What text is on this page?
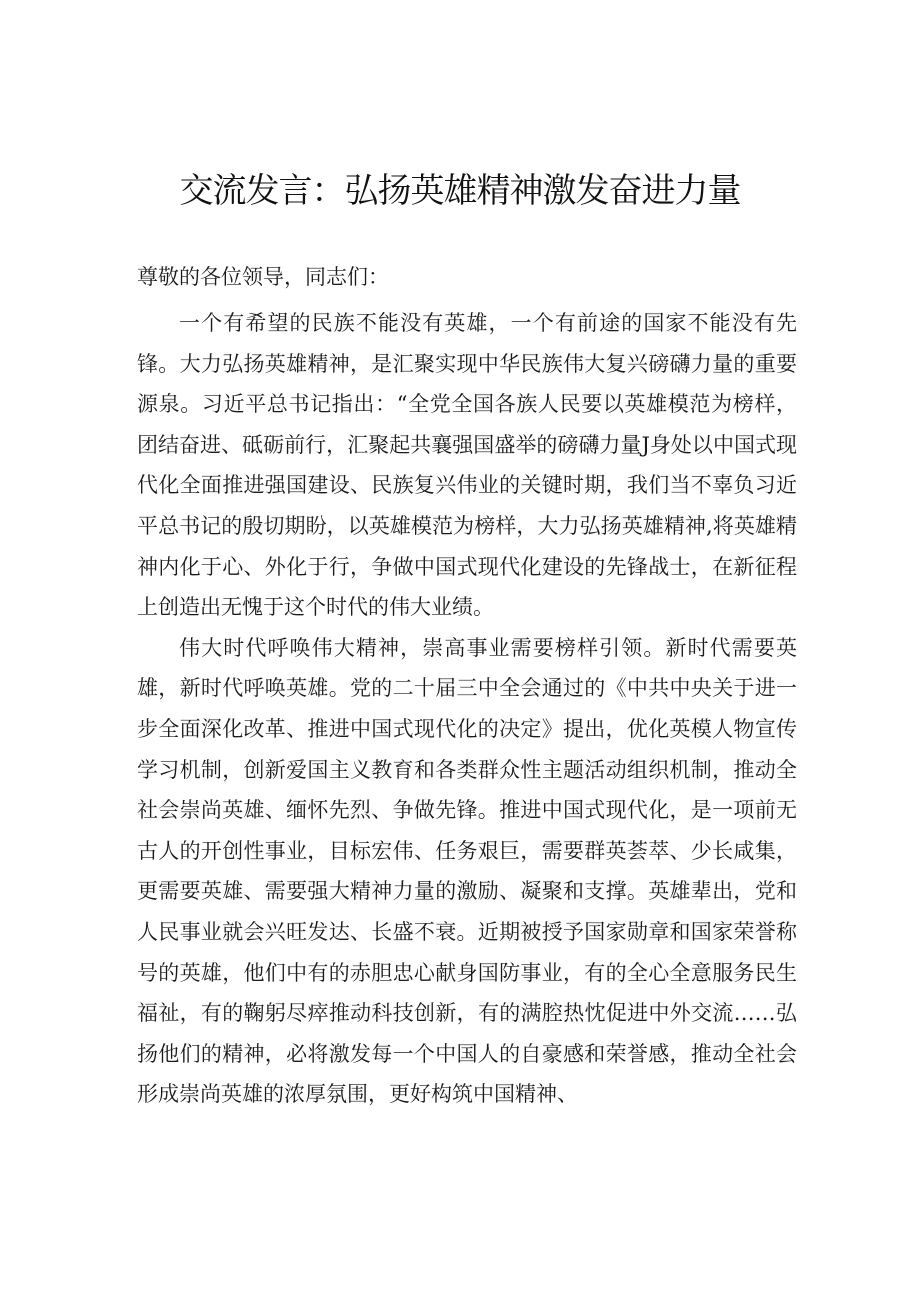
交流发言：弘扬英雄精神激发奋进力量
尊敬的各位领导，同志们：

一个有希望的民族不能没有英雄，一个有前途的国家不能没有先锋。大力弘扬英雄精神，是汇聚实现中华民族伟大复兴磅礴力量的重要源泉。习近平总书记指出：“全党全国各族人民要以英雄模范为榜样，团结奋进、砥砺前行，汇聚起共襄强国盛举的磅礴力量J身处以中国式现代化全面推进强国建设、民族复兴伟业的关键时期，我们当不辜负习近平总书记的殷切期盼，以英雄模范为榜样，大力弘扬英雄精神,将英雄精神内化于心、外化于行，争做中国式现代化建设的先锋战士，在新征程上创造出无愧于这个时代的伟大业绩。

伟大时代呼唤伟大精神，崇高事业需要榜样引领。新时代需要英雄，新时代呼唤英雄。党的二十届三中全会通过的《中共中央关于进一步全面深化改革、推进中国式现代化的决定》提出，优化英模人物宣传学习机制，创新爱国主义教育和各类群众性主题活动组织机制，推动全社会崇尚英雄、缅怀先烈、争做先锋。推进中国式现代化，是一项前无古人的开创性事业，目标宏伟、任务艰巨，需要群英荟萃、少长咸集，更需要英雄、需要强大精神力量的激励、凝聚和支撑。英雄辈出，党和人民事业就会兴旺发达、长盛不衰。近期被授予国家勋章和国家荣誉称号的英雄，他们中有的赤胆忠心献身国防事业，有的全心全意服务民生福祉，有的鞠躬尽瘁推动科技创新，有的满腔热忱促进中外交流……弘扬他们的精神，必将激发每一个中国人的自豪感和荣誉感，推动全社会形成崇尚英雄的浓厚氛围，更好构筑中国精神、
